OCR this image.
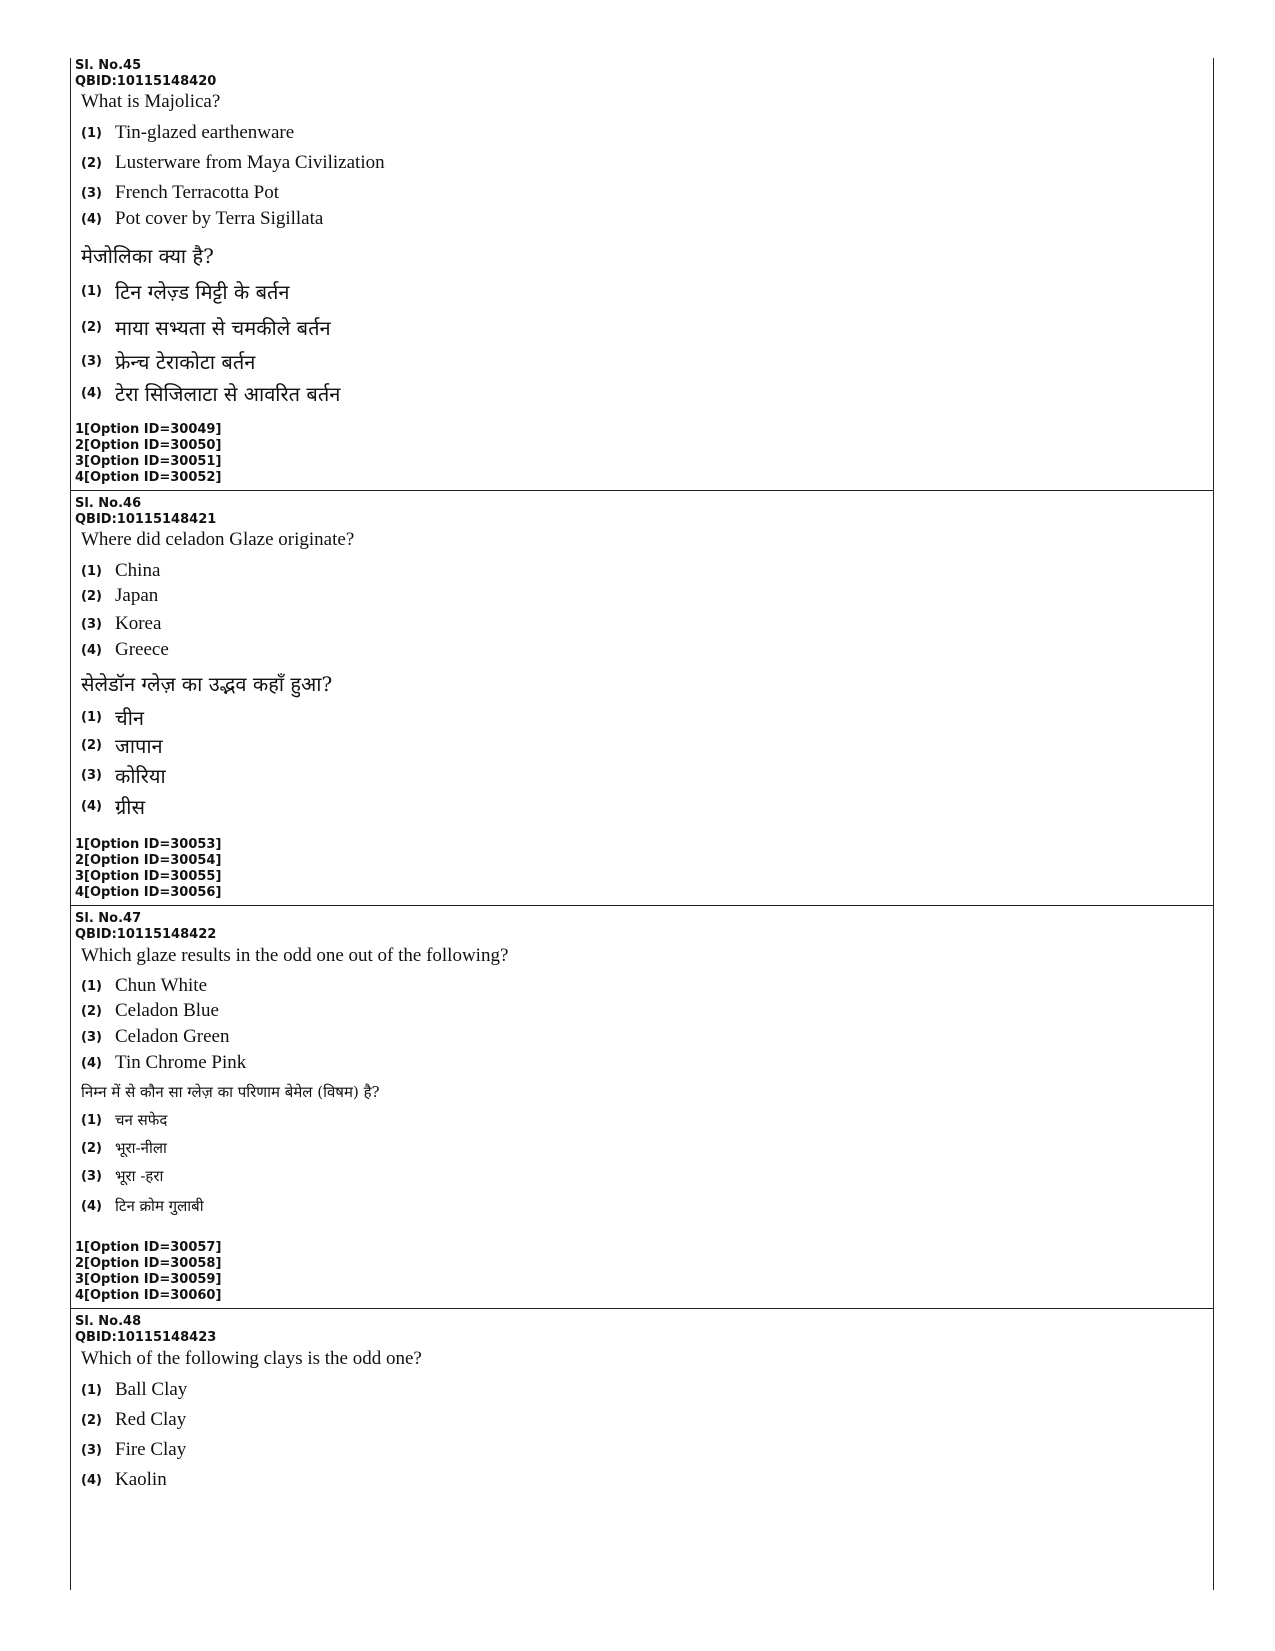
Sl. No.45
QBID:10115148420
What is Majolica?
(1) Tin-glazed earthenware
(2) Lusterware from Maya Civilization
(3) French Terracotta Pot
(4) Pot cover by Terra Sigillata
मेजोलिका क्या है?
(1) टिन ग्लेज़्ड मिट्टी के बर्तन
(2) माया सभ्यता से चमकीले बर्तन
(3) फ्रेन्च टेराकोटा बर्तन
(4) टेरा सिजिलाटा से आवरित बर्तन
1[Option ID=30049]
2[Option ID=30050]
3[Option ID=30051]
4[Option ID=30052]
Sl. No.46
QBID:10115148421
Where did celadon Glaze originate?
(1) China
(2) Japan
(3) Korea
(4) Greece
सेलेडॉन ग्लेज़ का उद्भव कहाँ हुआ?
(1) चीन
(2) जापान
(3) कोरिया
(4) ग्रीस
1[Option ID=30053]
2[Option ID=30054]
3[Option ID=30055]
4[Option ID=30056]
Sl. No.47
QBID:10115148422
Which glaze results in the odd one out of the following?
(1) Chun White
(2) Celadon Blue
(3) Celadon Green
(4) Tin Chrome Pink
निम्न में से कौन सा ग्लेज़ का परिणाम बेमेल (विषम) है?
(1) चन सफेद
(2) भूरा-नीला
(3) भूरा -हरा
(4) टिन क्रोम गुलाबी
1[Option ID=30057]
2[Option ID=30058]
3[Option ID=30059]
4[Option ID=30060]
Sl. No.48
QBID:10115148423
Which of the following clays is the odd one?
(1) Ball Clay
(2) Red Clay
(3) Fire Clay
(4) Kaolin
